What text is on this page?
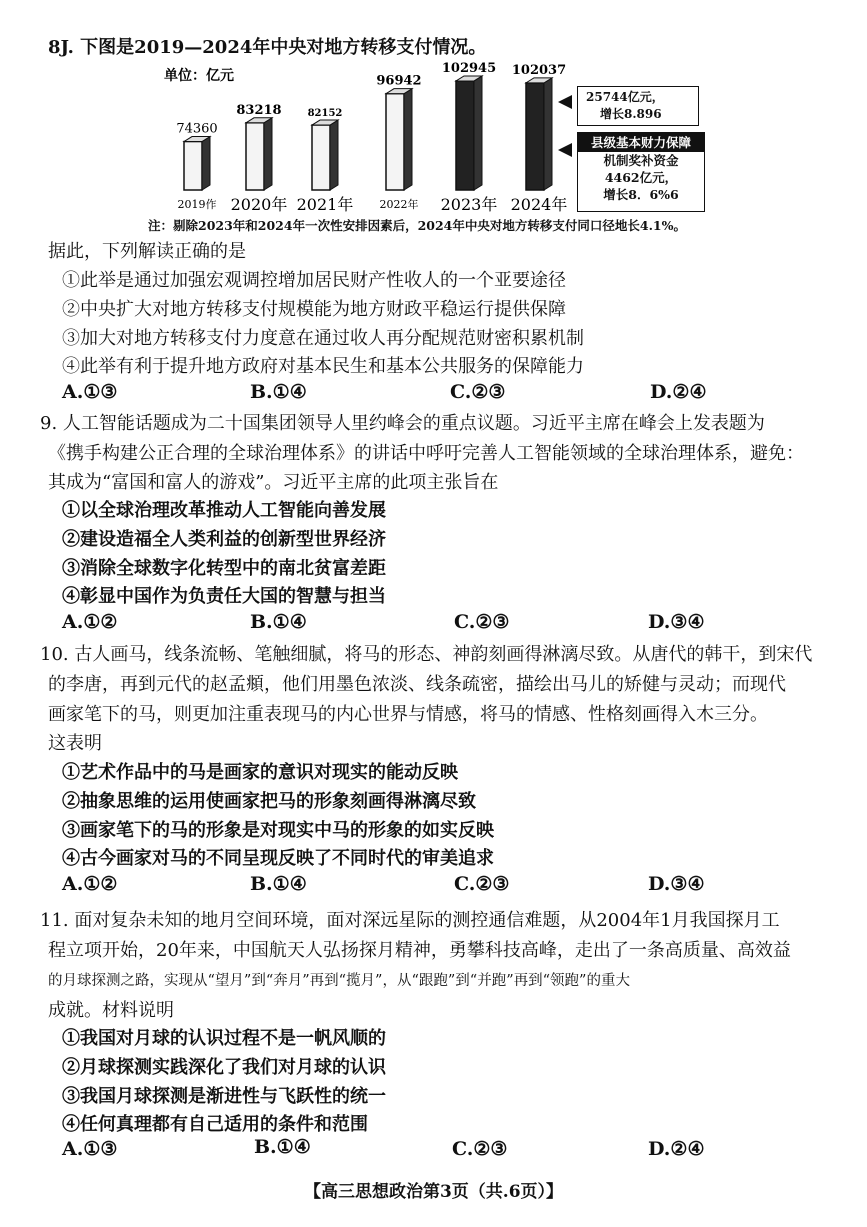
8J. 下图是2019—2024年中央对地方转移支付情况。
单位：亿元
74360
2019作
83218
2020年
82152
2021年
96942
2022年
102945
2023年
102037
2024年
25744亿元，
增长8.896
县级基本财力保障
机制奖补资金
4462亿元，
增长8．6%6
注：剔除2023年和2024年一次性安排因素后，2024年中央对地方转移支付同口径地长4.1%。
据此，下列解读正确的是
①此举是通过加强宏观调控增加居民财产性收人的一个亚要途径
②中央扩大对地方转移支付规模能为地方财政平稳运行提供保障
③加大对地方转移支付力度意在通过收人再分配规范财密积累机制
④此举有利于提升地方政府对基本民生和基本公共服务的保障能力
A.①③	B.①④	C.②③	D.②④
9. 人工智能话题成为二十国集团领导人里约峰会的重点议题。习近平主席在峰会上发表题为
《携手构建公正合理的全球治理体系》的讲话中呼吁完善人工智能领域的全球治理体系，避免：
其成为“富国和富人的游戏”。习近平主席的此项主张旨在
①以全球治理改革推动人工智能向善发展
②建设造福全人类利益的创新型世界经济
③消除全球数字化转型中的南北贫富差距
④彰显中国作为负责任大国的智慧与担当
A.①②	B.①④	C.②③	D.③④
10. 古人画马，线条流畅、笔触细腻，将马的形态、神韵刻画得淋漓尽致。从唐代的韩干，到宋代
的李唐，再到元代的赵孟頫，他们用墨色浓淡、线条疏密，描绘出马儿的矫健与灵动；而现代
画家笔下的马，则更加注重表现马的内心世界与情感，将马的情感、性格刻画得入木三分。
这表明
①艺术作品中的马是画家的意识对现实的能动反映
②抽象思维的运用使画家把马的形象刻画得淋漓尽致
③画家笔下的马的形象是对现实中马的形象的如实反映
④古今画家对马的不同呈现反映了不同时代的审美追求
A.①②	B.①④	C.②③	D.③④
11. 面对复杂未知的地月空间环境，面对深远星际的测控通信难题，从2004年1月我国探月工
程立项开始，20年来，中国航天人弘扬探月精神，勇攀科技高峰，走出了一条高质量、高效益
的月球探测之路，实现从“望月”到“奔月”再到“揽月”，从“跟跑”到“并跑”再到“领跑”的重大
成就。材料说明
①我国对月球的认识过程不是一帆风顺的
②月球探测实践深化了我们对月球的认识
③我国月球探测是渐进性与飞跃性的统一
④任何真理都有自己适用的条件和范围
A.①③	B.①④	C.②③	D.②④
【高三思想政治第3页（共.6页）】
